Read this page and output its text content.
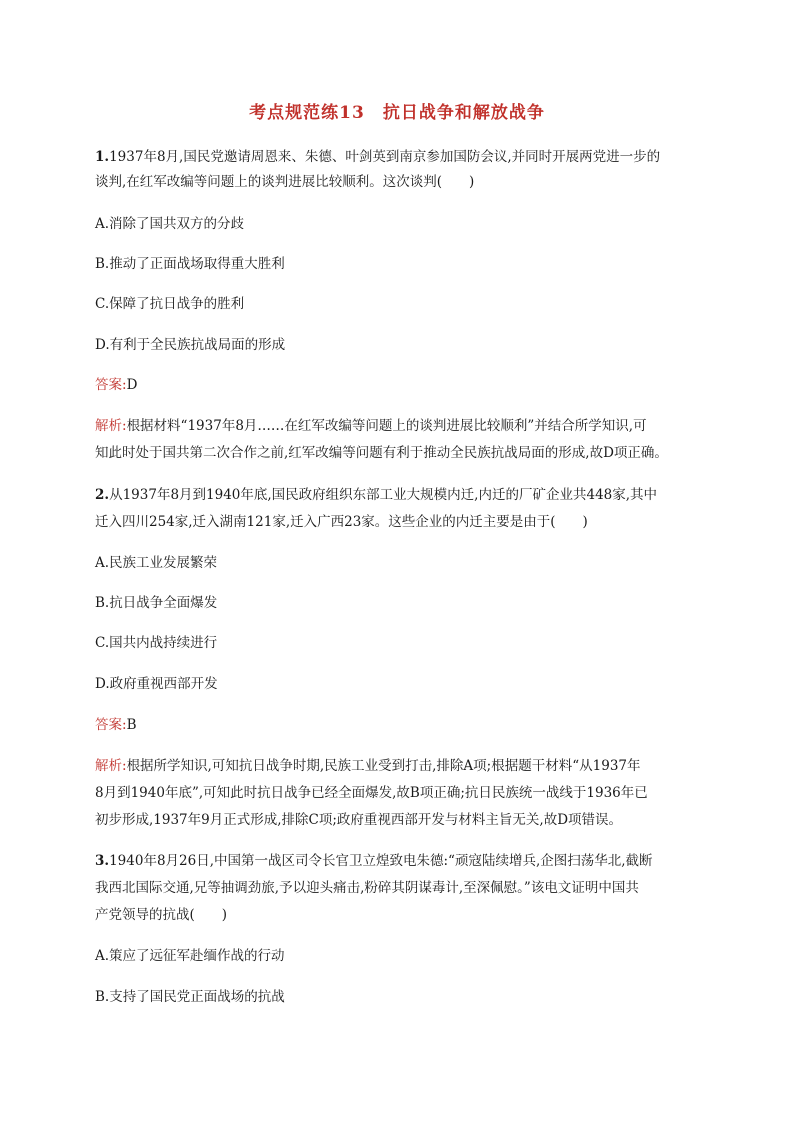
考点规范练13　抗日战争和解放战争
1.1937年8月,国民党邀请周恩来、朱德、叶剑英到南京参加国防会议,并同时开展两党进一步的
谈判,在红军改编等问题上的谈判进展比较顺利。这次谈判(　　)
A.消除了国共双方的分歧
B.推动了正面战场取得重大胜利
C.保障了抗日战争的胜利
D.有利于全民族抗战局面的形成
答案:D
解析:根据材料“1937年8月……在红军改编等问题上的谈判进展比较顺利”并结合所学知识,可
知此时处于国共第二次合作之前,红军改编等问题有利于推动全民族抗战局面的形成,故D项正确。
2.从1937年8月到1940年底,国民政府组织东部工业大规模内迁,内迁的厂矿企业共448家,其中
迁入四川254家,迁入湖南121家,迁入广西23家。这些企业的内迁主要是由于(　　)
A.民族工业发展繁荣
B.抗日战争全面爆发
C.国共内战持续进行
D.政府重视西部开发
答案:B
解析:根据所学知识,可知抗日战争时期,民族工业受到打击,排除A项;根据题干材料“从1937年
8月到1940年底”,可知此时抗日战争已经全面爆发,故B项正确;抗日民族统一战线于1936年已
初步形成,1937年9月正式形成,排除C项;政府重视西部开发与材料主旨无关,故D项错误。
3.1940年8月26日,中国第一战区司令长官卫立煌致电朱德:“顽寇陆续增兵,企图扫荡华北,截断
我西北国际交通,兄等抽调劲旅,予以迎头痛击,粉碎其阴谋毒计,至深佩慰。”该电文证明中国共
产党领导的抗战(　　)
A.策应了远征军赴缅作战的行动
B.支持了国民党正面战场的抗战
